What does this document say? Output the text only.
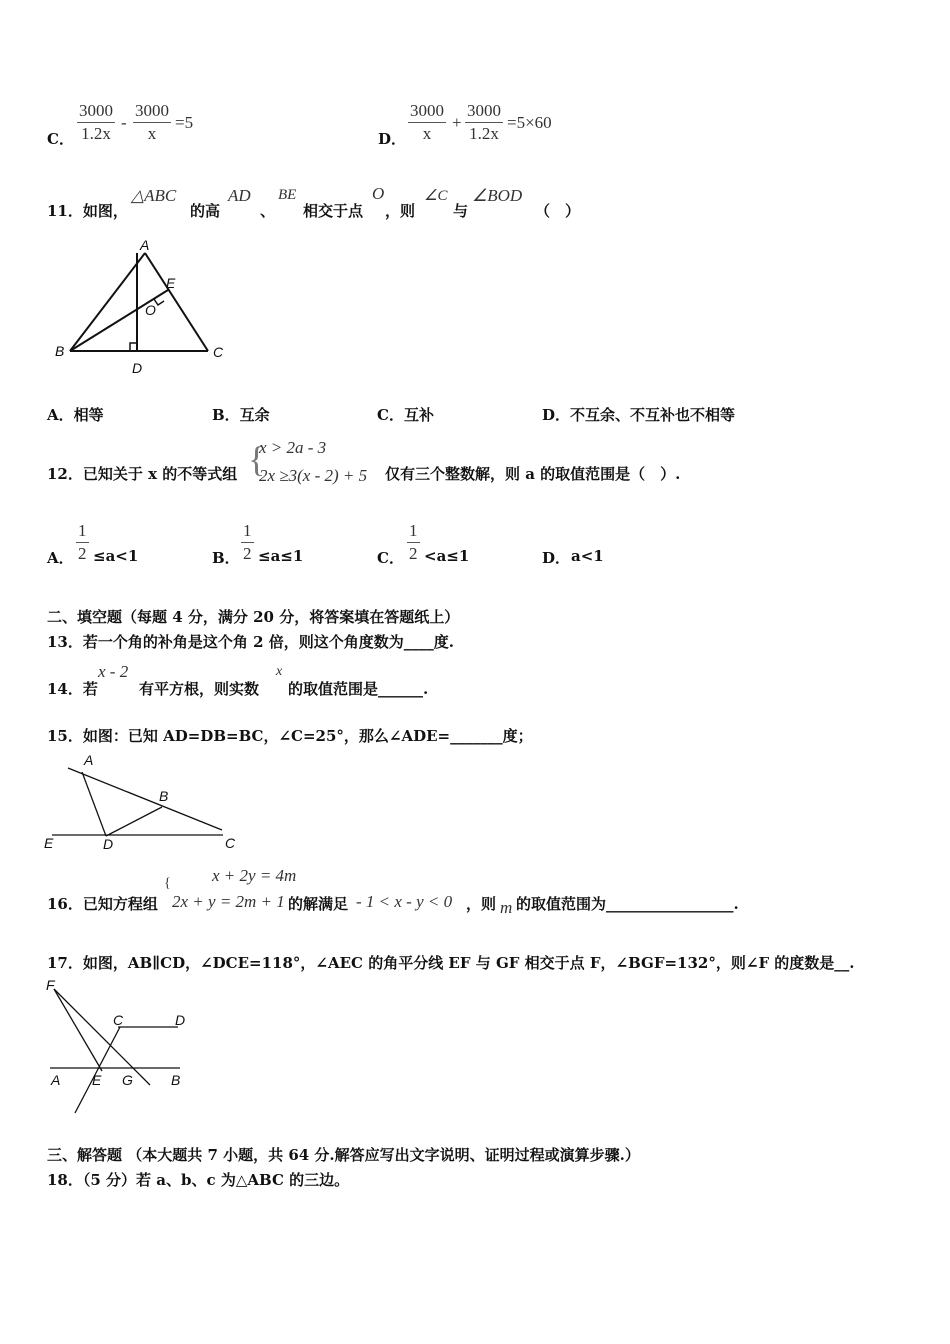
C． $\frac{3000}{1.2x} - \frac{3000}{x} =5$
D． $\frac{3000}{x} + \frac{3000}{1.2x} =5\times 60$
11．如图，
△ABC
的高
AD
、
BE
相交于点
O
，则
∠C
与
∠BOD
（　）
A
B	C
D
E
O
A．相等	B．互余	C．互补	D．不互余、不互补也不相等
12．已知关于 x 的不等式组 {
x > 2a - 3
2x ≥3(x - 2) + 5 仅有三个整数解，则 a 的取值范围是（　）.
A． $\frac{1}{2} \le a<1$	B． $\frac{1}{2} \le a\le 1$	C． $\frac{1}{2} <a\le 1$	D． a<1
二、填空题（每题 4 分，满分 20 分，将答案填在答题纸上）
13．若一个角的补角是这个角 2 倍，则这个角度数为____度.
14．若
x - 2
有平方根，则实数
x
的取值范围是______.
15．如图：已知 AD=DB=BC，∠C=25°，那么∠ADE=_______度；
A
B
E	D	C
16．已知方程组
{ x + 2y = 4m
2x + y = 2m + 1 的解满足 - 1 < x - y < 0 ，则 m 的取值范围为_________________.
17．如图，AB∥CD，∠DCE=118°，∠AEC 的角平分线 EF 与 GF 相交于点 F，∠BGF=132°，则∠F 的度数是__.
F
C	D
A E G	B
三、解答题 （本大题共 7 小题，共 64 分.解答应写出文字说明、证明过程或演算步骤.）
18．（5 分）若 a、b、c 为△ABC 的三边。
